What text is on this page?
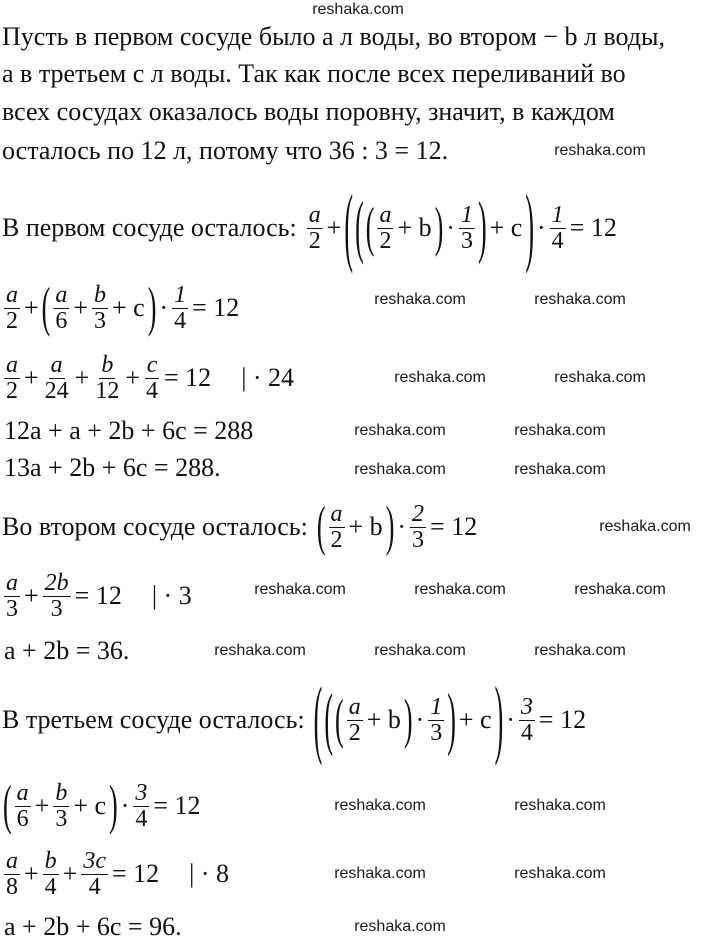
Пусть в первом сосуде было a л воды, во втором − b л воды,
а в третьем c л воды. Так как после всех переливаний во
всех сосудах оказалось воды поровну, значит, в каждом
осталось по 12 л, потому что 36 : 3 = 12.
В первом сосуде осталось: $\frac{a}{2}$ + ( ( ( $\frac{a}{2} + b$ ) · $\frac{1}{3}$ ) + c ) · $\frac{1}{4} = 12$
$\frac{a}{2}$ + ( $\frac{a}{6} + \frac{b}{3} + c$ ) · $\frac{1}{4} = 12$
$\frac{a}{2} + \frac{a}{24} + \frac{b}{12} + \frac{c}{4} = 12$  | · 24
12a + a + 2b + 6c = 288
13a + 2b + 6c = 288.
Во втором сосуде осталось: ( $\frac{a}{2} + b$ ) · $\frac{2}{3} = 12$
$\frac{a}{3} + \frac{2b}{3} = 12$  | · 3
a + 2b = 36.
В третьем сосуде осталось: ( ( ( $\frac{a}{2} + b$ ) · $\frac{1}{3}$ ) + c ) · $\frac{3}{4} = 12$
( $\frac{a}{6} + \frac{b}{3} + c$ ) · $\frac{3}{4} = 12$
$\frac{a}{8} + \frac{b}{4} + \frac{3c}{4} = 12$  | · 8
a + 2b + 6c = 96.
reshaka.com
reshaka.com
reshaka.com	reshaka.com
reshaka.com	reshaka.com
reshaka.com	reshaka.com
reshaka.com	reshaka.com
reshaka.com
reshaka.com	reshaka.com	reshaka.com
reshaka.com	reshaka.com	reshaka.com
reshaka.com	reshaka.com
reshaka.com	reshaka.com
reshaka.com
